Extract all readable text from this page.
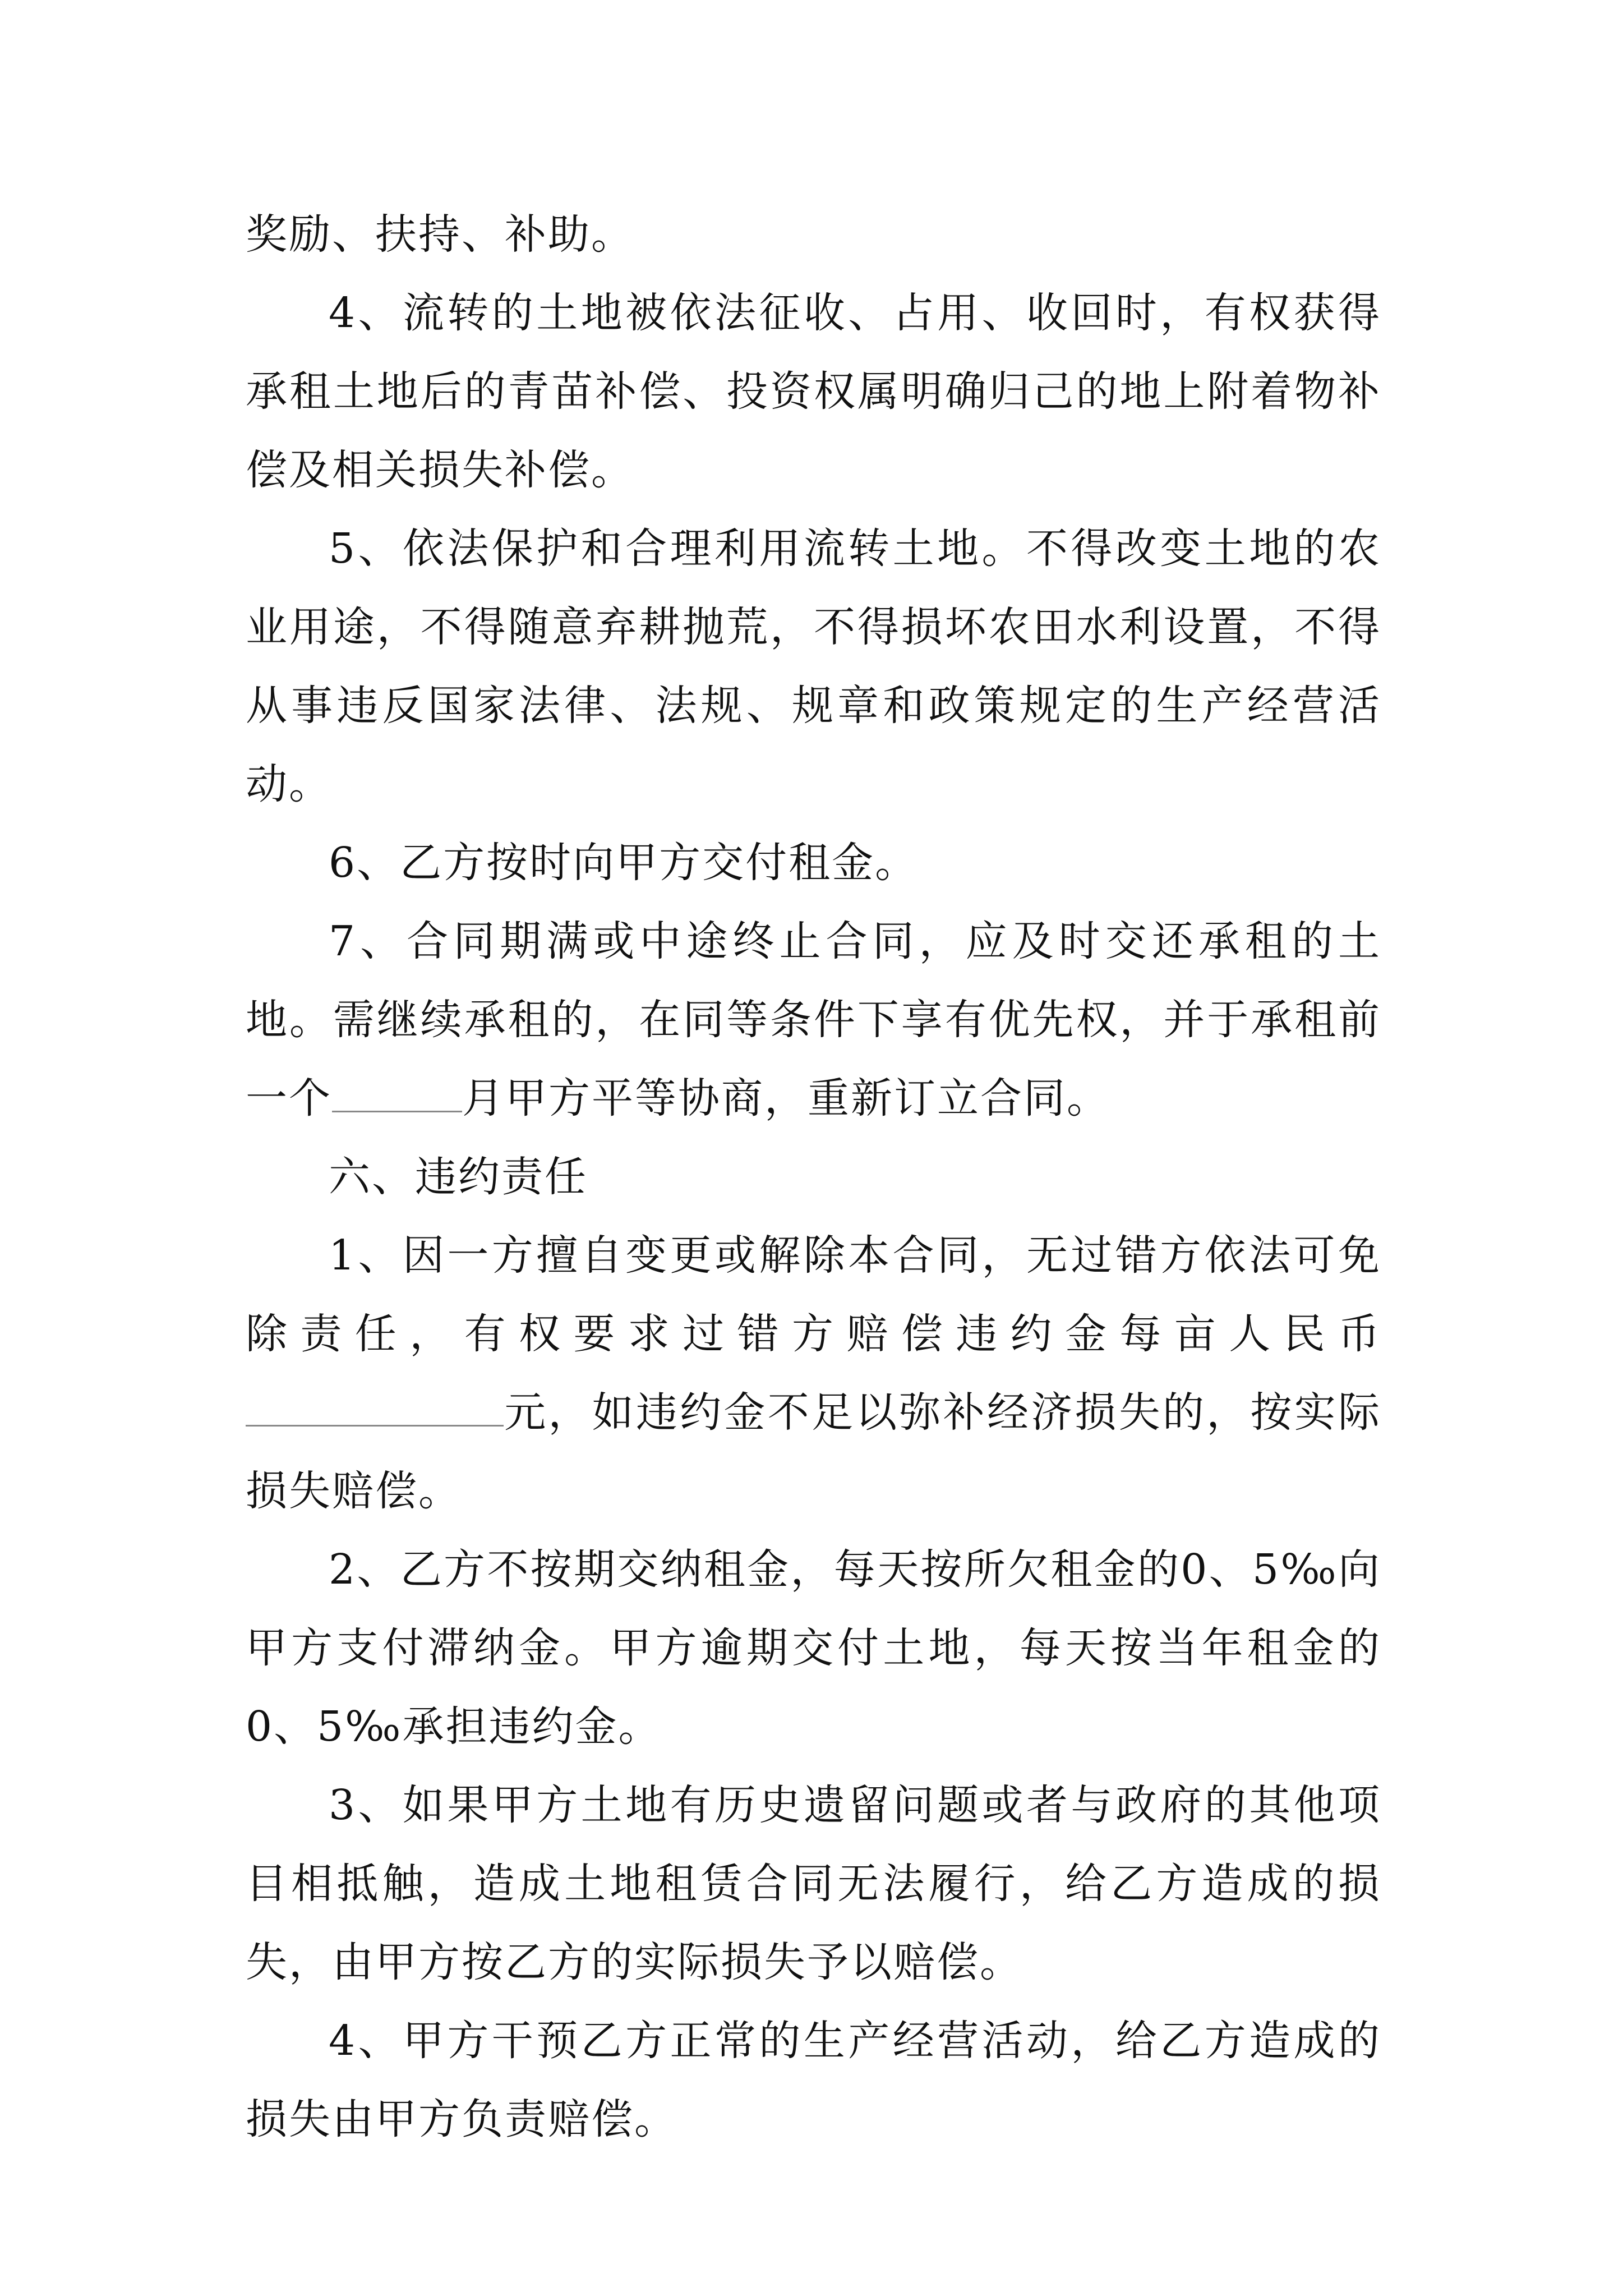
奖励、扶持、补助。

4、流转的土地被依法征收、占用、收回时，有权获得承租土地后的青苗补偿、投资权属明确归己的地上附着物补偿及相关损失补偿。

5、依法保护和合理利用流转土地。不得改变土地的农业用途，不得随意弃耕抛荒，不得损坏农田水利设置，不得从事违反国家法律、法规、规章和政策规定的生产经营活动。

6、乙方按时向甲方交付租金。

7、合同期满或中途终止合同，应及时交还承租的土地。需继续承租的，在同等条件下享有优先权，并于承租前一个	月甲方平等协商，重新订立合同。

六、违约责任

1、因一方擅自变更或解除本合同，无过错方依法可免除责任，有权要求过错方赔偿违约金每亩人民币元，如违约金不足以弥补经济损失的，按实际损失赔偿。

2、乙方不按期交纳租金，每天按所欠租金的0、5‰向甲方支付滞纳金。甲方逾期交付土地，每天按当年租金的0、5‰承担违约金。

3、如果甲方土地有历史遗留问题或者与政府的其他项目相抵触，造成土地租赁合同无法履行，给乙方造成的损失，由甲方按乙方的实际损失予以赔偿。

4、甲方干预乙方正常的生产经营活动，给乙方造成的损失由甲方负责赔偿。
